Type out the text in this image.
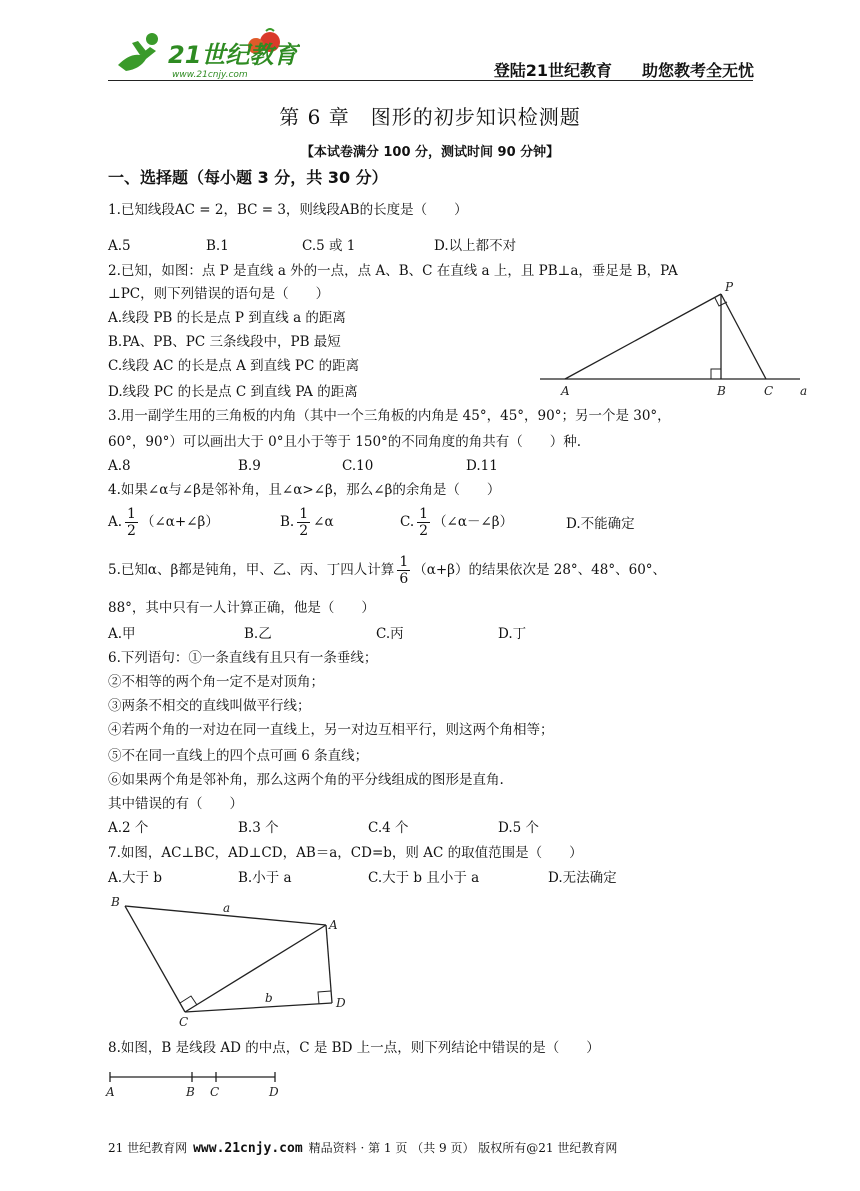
21世纪教育
www.21cnjy.com	登陆21世纪教育 助您教考全无忧
第 6 章　图形的初步知识检测题
【本试卷满分 100 分，测试时间 90 分钟】
一、选择题（每小题 3 分，共 30 分）
1.已知线段AC = 2，BC = 3，则线段AB的长度是（　　）
A.5	B.1	C.5 或 1	D.以上都不对
2.已知，如图：点 P 是直线 a 外的一点，点 A、B、C 在直线 a 上，且 PB⊥a，垂足是 B，PA
⊥PC，则下列错误的语句是（　　）
A.线段 PB 的长是点 P 到直线 a 的距离
B.PA、PB、PC 三条线段中，PB 最短
C.线段 AC 的长是点 A 到直线 PC 的距离
D.线段 PC 的长是点 C 到直线 PA 的距离
P
A	B	C a
3.用一副学生用的三角板的内角（其中一个三角板的内角是 45°，45°，90°；另一个是 30°，
60°，90°）可以画出大于 0°且小于等于 150°的不同角度的角共有（　　）种.
A.8	B.9	C.10	D.11
4.如果∠α与∠β是邻补角，且∠α>∠β，那么∠β的余角是（　　）
A. $\frac{1}{2}$ （∠α+∠β）	B. $\frac{1}{2}$ ∠α	C. $\frac{1}{2}$ （∠α－∠β）	D.不能确定
5.已知α、β都是钝角，甲、乙、丙、丁四人计算 $\frac{1}{6} (\alpha+\beta)$的结果依次是 28°、48°、60°、
88°，其中只有一人计算正确，他是（　　）
A.甲	B.乙	C.丙	D.丁
6.下列语句：①一条直线有且只有一条垂线；
②不相等的两个角一定不是对顶角；
③两条不相交的直线叫做平行线；
④若两个角的一对边在同一直线上，另一对边互相平行，则这两个角相等；
⑤不在同一直线上的四个点可画 6 条直线；
⑥如果两个角是邻补角，那么这两个角的平分线组成的图形是直角.
其中错误的有（　　）
A.2 个	B.3 个	C.4 个	D.5 个
7.如图，AC⊥BC，AD⊥CD，AB＝a，CD=b，则 AC 的取值范围是（　　）
A.大于 b	B.小于 a	C.大于 b 且小于 a	D.无法确定
B
A
C
D
a
b
8.如图，B 是线段 AD 的中点，C 是 BD 上一点，则下列结论中错误的是（　　）
A	B C	D
21 世纪教育网 www.21cnjy.com 精品资料 · 第 1 页 （共 9 页） 版权所有@21 世纪教育网
